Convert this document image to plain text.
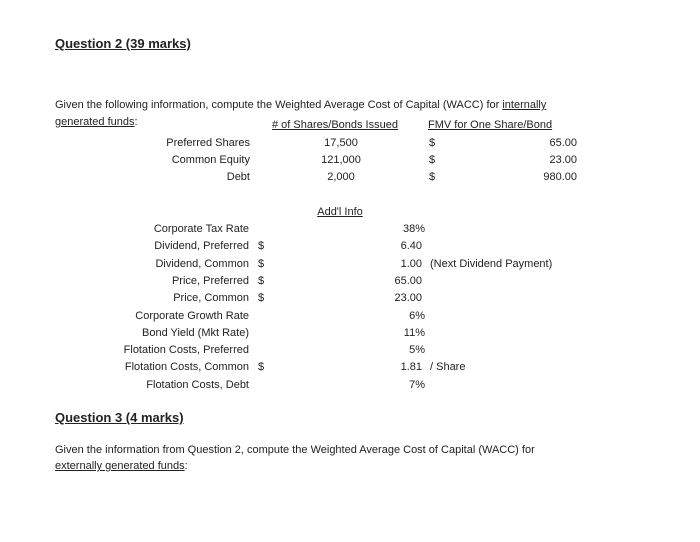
Question 2 (39 marks)
Given the following information, compute the Weighted Average Cost of Capital (WACC) for internally
generated funds:	# of Shares/Bonds Issued	FMV for One Share/Bond
Preferred Shares	17,500	$	65.00
Common Equity	121,000	$	23.00
Debt	2,000	$	980.00
Add'l Info
Corporate Tax Rate	38%
Dividend, Preferred $	6.40
Dividend, Common $	1.00 (Next Dividend Payment)
Price, Preferred $	65.00
Price, Common $	23.00
Corporate Growth Rate	6%
Bond Yield (Mkt Rate)	11%
Flotation Costs, Preferred	5%
Flotation Costs, Common $	1.81 / Share
Flotation Costs, Debt	7%
Question 3 (4 marks)
Given the information from Question 2, compute the Weighted Average Cost of Capital (WACC) for
externally generated funds:
